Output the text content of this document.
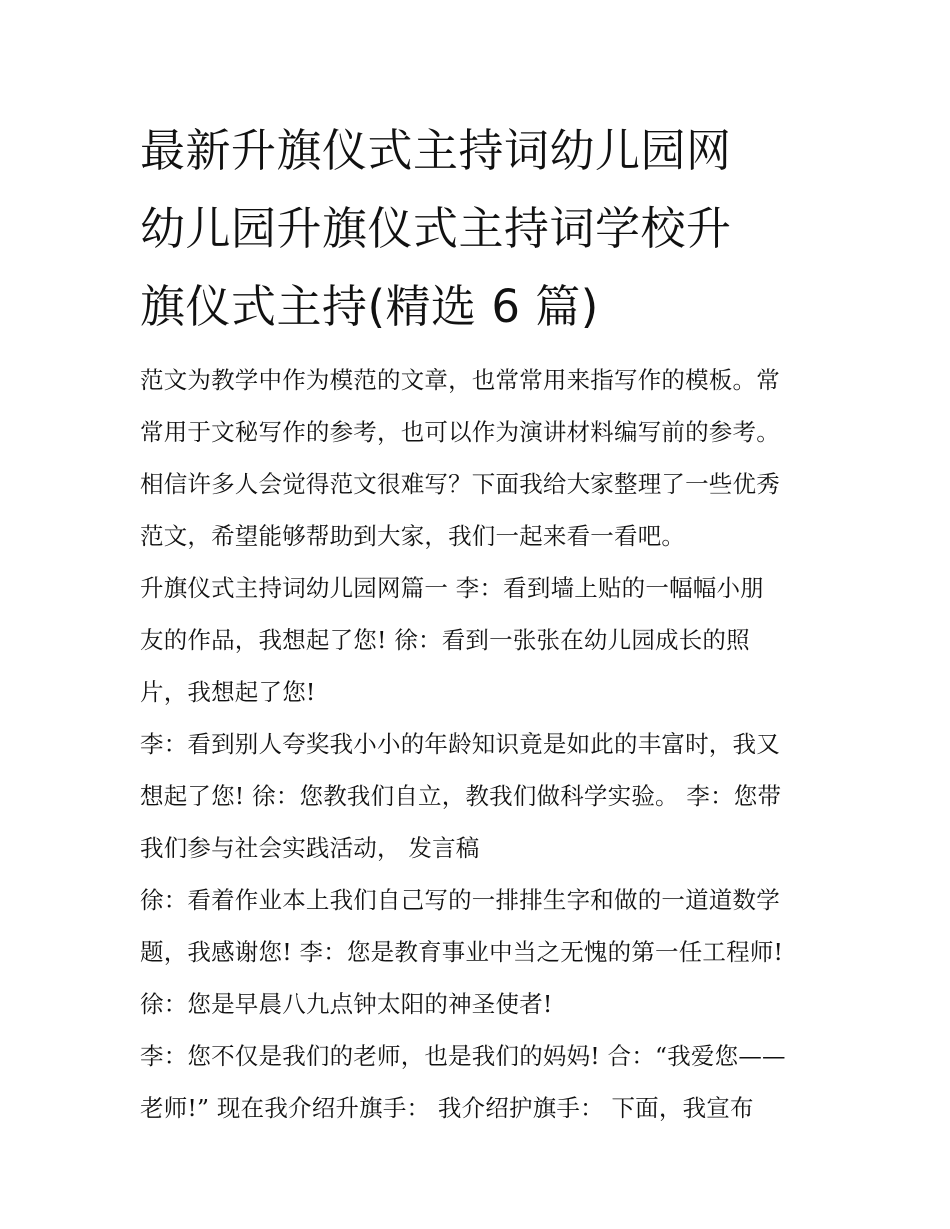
最新升旗仪式主持词幼儿园网
幼儿园升旗仪式主持词学校升
旗仪式主持(精选 6 篇)
范文为教学中作为模范的文章，也常常用来指写作的模板。常
常用于文秘写作的参考，也可以作为演讲材料编写前的参考。
相信许多人会觉得范文很难写？下面我给大家整理了一些优秀
范文，希望能够帮助到大家，我们一起来看一看吧。
升旗仪式主持词幼儿园网篇一 李：看到墙上贴的一幅幅小朋
友的作品，我想起了您! 徐：看到一张张在幼儿园成长的照
片，我想起了您!
李：看到别人夸奖我小小的年龄知识竟是如此的丰富时，我又
想起了您! 徐：您教我们自立，教我们做科学实验。 李：您带
我们参与社会实践活动， 发言稿
徐：看着作业本上我们自己写的一排排生字和做的一道道数学
题，我感谢您! 李：您是教育事业中当之无愧的第一任工程师!
徐：您是早晨八九点钟太阳的神圣使者!
李：您不仅是我们的老师，也是我们的妈妈! 合：“我爱您——
老师!” 现在我介绍升旗手： 我介绍护旗手： 下面，我宣布
